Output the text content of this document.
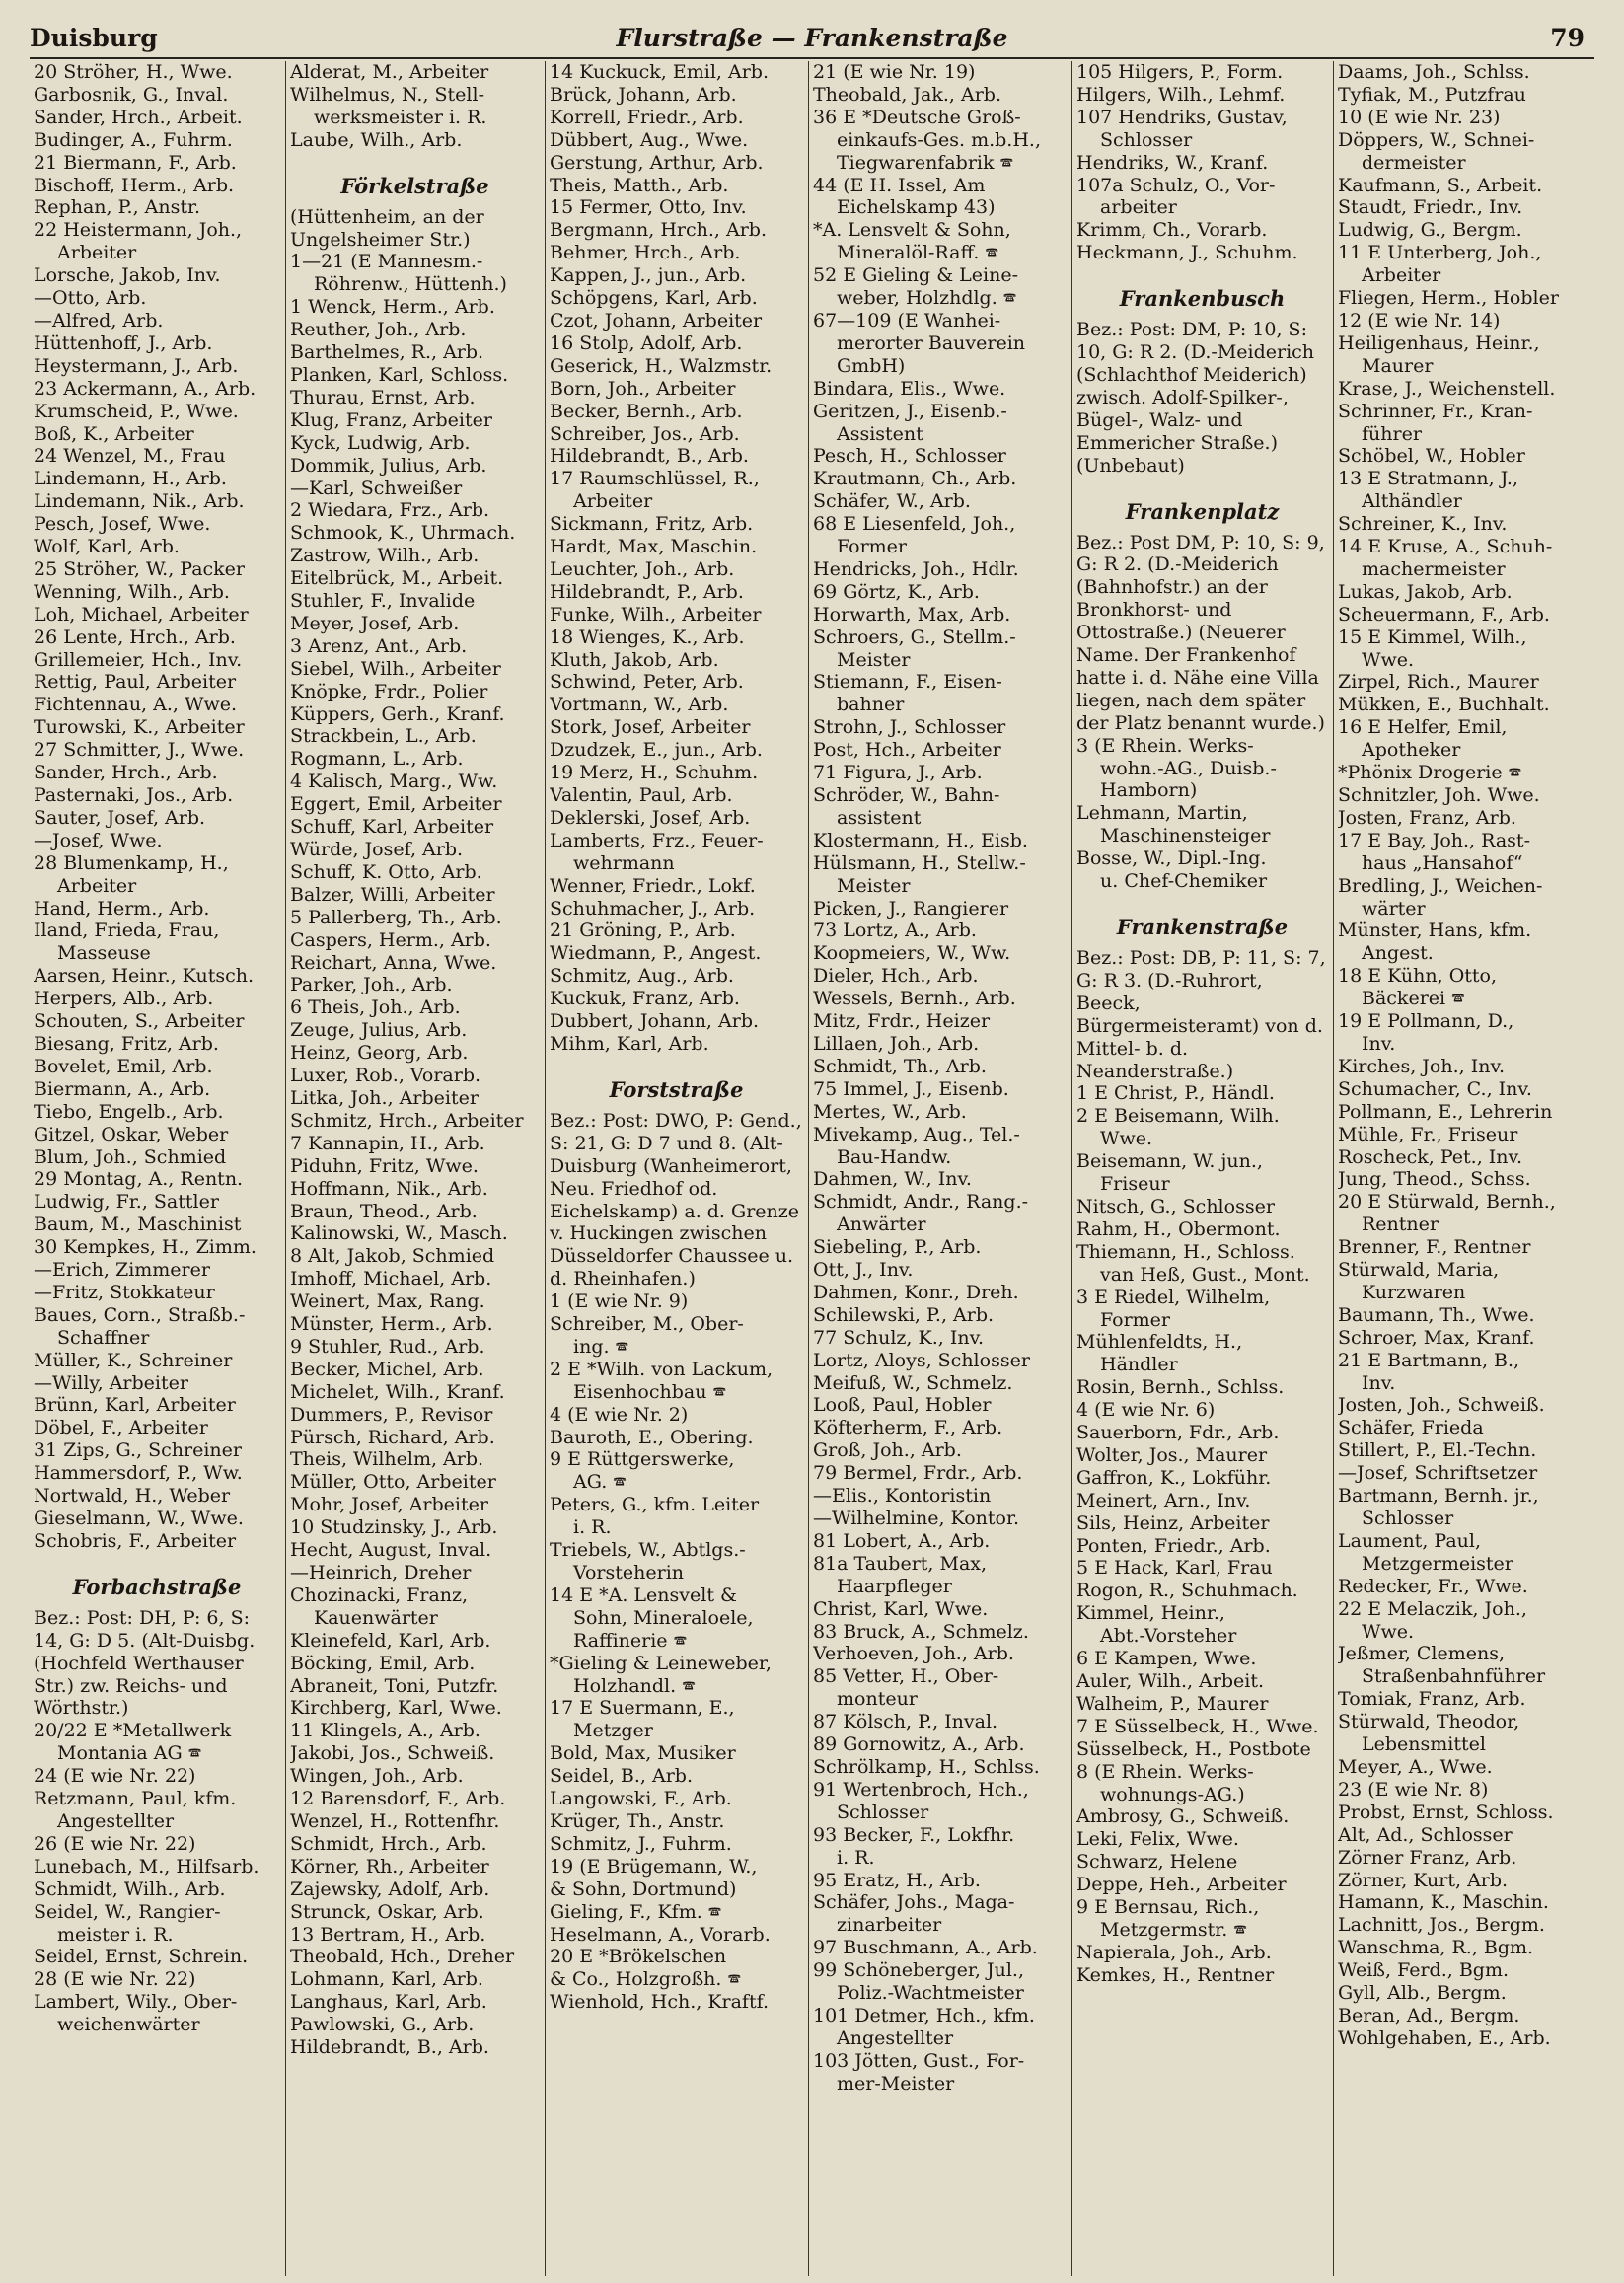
Duisburg	Flurstraße — Frankenstraße	79
20 Ströher, H., Wwe.
Garbosnik, G., Inval.
Sander, Hrch., Arbeit.
Budinger, A., Fuhrm.
21 Biermann, F., Arb.
Bischoff, Herm., Arb.
Rephan, P., Anstr.
22 Heistermann, Joh.,
Arbeiter
Lorsche, Jakob, Inv.
—Otto, Arb.
—Alfred, Arb.
Hüttenhoff, J., Arb.
Heystermann, J., Arb.
23 Ackermann, A., Arb.
Krumscheid, P., Wwe.
Boß, K., Arbeiter
24 Wenzel, M., Frau
Lindemann, H., Arb.
Lindemann, Nik., Arb.
Pesch, Josef, Wwe.
Wolf, Karl, Arb.
25 Ströher, W., Packer
Wenning, Wilh., Arb.
Loh, Michael, Arbeiter
26 Lente, Hrch., Arb.
Grillemeier, Hch., Inv.
Rettig, Paul, Arbeiter
Fichtennau, A., Wwe.
Turowski, K., Arbeiter
27 Schmitter, J., Wwe.
Sander, Hrch., Arb.
Pasternaki, Jos., Arb.
Sauter, Josef, Arb.
—Josef, Wwe.
28 Blumenkamp, H.,
Arbeiter
Hand, Herm., Arb.
Iland, Frieda, Frau,
Masseuse
Aarsen, Heinr., Kutsch.
Herpers, Alb., Arb.
Schouten, S., Arbeiter
Biesang, Fritz, Arb.
Bovelet, Emil, Arb.
Biermann, A., Arb.
Tiebo, Engelb., Arb.
Gitzel, Oskar, Weber
Blum, Joh., Schmied
29 Montag, A., Rentn.
Ludwig, Fr., Sattler
Baum, M., Maschinist
30 Kempkes, H., Zimm.
—Erich, Zimmerer
—Fritz, Stokkateur
Baues, Corn., Straßb.-
Schaffner
Müller, K., Schreiner
—Willy, Arbeiter
Brünn, Karl, Arbeiter
Döbel, F., Arbeiter
31 Zips, G., Schreiner
Hammersdorf, P., Ww.
Nortwald, H., Weber
Gieselmann, W., Wwe.
Schobris, F., Arbeiter
Forbachstraße
Bez.: Post: DH, P: 6, S: 14, G: D 5. (Alt-Duisbg. (Hochfeld Werthauser Str.) zw. Reichs- und Wörthstr.)
20/22 E *Metallwerk
Montania AG 🕿
24 (E wie Nr. 22)
Retzmann, Paul, kfm.
Angestellter
26 (E wie Nr. 22)
Lunebach, M., Hilfsarb.
Schmidt, Wilh., Arb.
Seidel, W., Rangier-
meister i. R.
Seidel, Ernst, Schrein.
28 (E wie Nr. 22)
Lambert, Wily., Ober-
weichenwärter
Alderat, M., Arbeiter
Wilhelmus, N., Stell-
werksmeister i. R.
Laube, Wilh., Arb.
Förkelstraße
(Hüttenheim, an der Ungelsheimer Str.)
1—21 (E Mannesm.-
Röhrenw., Hüttenh.)
1 Wenck, Herm., Arb.
Reuther, Joh., Arb.
Barthelmes, R., Arb.
Planken, Karl, Schloss.
Thurau, Ernst, Arb.
Klug, Franz, Arbeiter
Kyck, Ludwig, Arb.
Dommik, Julius, Arb.
—Karl, Schweißer
2 Wiedara, Frz., Arb.
Schmook, K., Uhrmach.
Zastrow, Wilh., Arb.
Eitelbrück, M., Arbeit.
Stuhler, F., Invalide
Meyer, Josef, Arb.
3 Arenz, Ant., Arb.
Siebel, Wilh., Arbeiter
Knöpke, Frdr., Polier
Küppers, Gerh., Kranf.
Strackbein, L., Arb.
Rogmann, L., Arb.
4 Kalisch, Marg., Ww.
Eggert, Emil, Arbeiter
Schuff, Karl, Arbeiter
Würde, Josef, Arb.
Schuff, K. Otto, Arb.
Balzer, Willi, Arbeiter
5 Pallerberg, Th., Arb.
Caspers, Herm., Arb.
Reichart, Anna, Wwe.
Parker, Joh., Arb.
6 Theis, Joh., Arb.
Zeuge, Julius, Arb.
Heinz, Georg, Arb.
Luxer, Rob., Vorarb.
Litka, Joh., Arbeiter
Schmitz, Hrch., Arbeiter
7 Kannapin, H., Arb.
Piduhn, Fritz, Wwe.
Hoffmann, Nik., Arb.
Braun, Theod., Arb.
Kalinowski, W., Masch.
8 Alt, Jakob, Schmied
Imhoff, Michael, Arb.
Weinert, Max, Rang.
Münster, Herm., Arb.
9 Stuhler, Rud., Arb.
Becker, Michel, Arb.
Michelet, Wilh., Kranf.
Dummers, P., Revisor
Pürsch, Richard, Arb.
Theis, Wilhelm, Arb.
Müller, Otto, Arbeiter
Mohr, Josef, Arbeiter
10 Studzinsky, J., Arb.
Hecht, August, Inval.
—Heinrich, Dreher
Chozinacki, Franz,
Kauenwärter
Kleinefeld, Karl, Arb.
Böcking, Emil, Arb.
Abraneit, Toni, Putzfr.
Kirchberg, Karl, Wwe.
11 Klingels, A., Arb.
Jakobi, Jos., Schweiß.
Wingen, Joh., Arb.
12 Barensdorf, F., Arb.
Wenzel, H., Rottenfhr.
Schmidt, Hrch., Arb.
Körner, Rh., Arbeiter
Zajewsky, Adolf, Arb.
Strunck, Oskar, Arb.
13 Bertram, H., Arb.
Theobald, Hch., Dreher
Lohmann, Karl, Arb.
Langhaus, Karl, Arb.
Pawlowski, G., Arb.
Hildebrandt, B., Arb.
14 Kuckuck, Emil, Arb.
Brück, Johann, Arb.
Korrell, Friedr., Arb.
Dübbert, Aug., Wwe.
Gerstung, Arthur, Arb.
Theis, Matth., Arb.
15 Fermer, Otto, Inv.
Bergmann, Hrch., Arb.
Behmer, Hrch., Arb.
Kappen, J., jun., Arb.
Schöpgens, Karl, Arb.
Czot, Johann, Arbeiter
16 Stolp, Adolf, Arb.
Geserick, H., Walzmstr.
Born, Joh., Arbeiter
Becker, Bernh., Arb.
Schreiber, Jos., Arb.
Hildebrandt, B., Arb.
17 Raumschlüssel, R.,
Arbeiter
Sickmann, Fritz, Arb.
Hardt, Max, Maschin.
Leuchter, Joh., Arb.
Hildebrandt, P., Arb.
Funke, Wilh., Arbeiter
18 Wienges, K., Arb.
Kluth, Jakob, Arb.
Schwind, Peter, Arb.
Vortmann, W., Arb.
Stork, Josef, Arbeiter
Dzudzek, E., jun., Arb.
19 Merz, H., Schuhm.
Valentin, Paul, Arb.
Deklerski, Josef, Arb.
Lamberts, Frz., Feuer-
wehrmann
Wenner, Friedr., Lokf.
Schuhmacher, J., Arb.
21 Gröning, P., Arb.
Wiedmann, P., Angest.
Schmitz, Aug., Arb.
Kuckuk, Franz, Arb.
Dubbert, Johann, Arb.
Mihm, Karl, Arb.
Forststraße
Bez.: Post: DWO, P: Gend., S: 21, G: D 7 und 8. (Alt-Duisburg (Wanheimerort, Neu. Friedhof od. Eichelskamp) a. d. Grenze v. Huckingen zwischen Düsseldorfer Chaussee u. d. Rheinhafen.)
1 (E wie Nr. 9)
Schreiber, M., Ober-
ing. 🕿
2 E *Wilh. von Lackum,
Eisenhochbau 🕿
4 (E wie Nr. 2)
Bauroth, E., Obering.
9 E Rüttgerswerke,
AG. 🕿
Peters, G., kfm. Leiter
i. R.
Triebels, W., Abtlgs.-
Vorsteherin
14 E *A. Lensvelt &
Sohn, Mineraloele,
Raffinerie 🕿
*Gieling & Leineweber,
Holzhandl. 🕿
17 E Suermann, E.,
Metzger
Bold, Max, Musiker
Seidel, B., Arb.
Langowski, F., Arb.
Krüger, Th., Anstr.
Schmitz, J., Fuhrm.
19 (E Brügemann, W.,
& Sohn, Dortmund)
Gieling, F., Kfm. 🕿
Heselmann, A., Vorarb.
20 E *Brökelschen
& Co., Holzgroßh. 🕿
Wienhold, Hch., Kraftf.
21 (E wie Nr. 19)
Theobald, Jak., Arb.
36 E *Deutsche Groß-
einkaufs-Ges. m.b.H.,
Tiegwarenfabrik 🕿
44 (E H. Issel, Am
Eichelskamp 43)
*A. Lensvelt & Sohn,
Mineralöl-Raff. 🕿
52 E Gieling & Leine-
weber, Holzhdlg. 🕿
67—109 (E Wanhei-
merorter Bauverein
GmbH)
Bindara, Elis., Wwe.
Geritzen, J., Eisenb.-
Assistent
Pesch, H., Schlosser
Krautmann, Ch., Arb.
Schäfer, W., Arb.
68 E Liesenfeld, Joh.,
Former
Hendricks, Joh., Hdlr.
69 Görtz, K., Arb.
Horwarth, Max, Arb.
Schroers, G., Stellm.-
Meister
Stiemann, F., Eisen-
bahner
Strohn, J., Schlosser
Post, Hch., Arbeiter
71 Figura, J., Arb.
Schröder, W., Bahn-
assistent
Klostermann, H., Eisb.
Hülsmann, H., Stellw.-
Meister
Picken, J., Rangierer
73 Lortz, A., Arb.
Koopmeiers, W., Ww.
Dieler, Hch., Arb.
Wessels, Bernh., Arb.
Mitz, Frdr., Heizer
Lillaen, Joh., Arb.
Schmidt, Th., Arb.
75 Immel, J., Eisenb.
Mertes, W., Arb.
Mivekamp, Aug., Tel.-
Bau-Handw.
Dahmen, W., Inv.
Schmidt, Andr., Rang.-
Anwärter
Siebeling, P., Arb.
Ott, J., Inv.
Dahmen, Konr., Dreh.
Schilewski, P., Arb.
77 Schulz, K., Inv.
Lortz, Aloys, Schlosser
Meifuß, W., Schmelz.
Looß, Paul, Hobler
Köfterherm, F., Arb.
Groß, Joh., Arb.
79 Bermel, Frdr., Arb.
—Elis., Kontoristin
—Wilhelmine, Kontor.
81 Lobert, A., Arb.
81a Taubert, Max,
Haarpfleger
Christ, Karl, Wwe.
83 Bruck, A., Schmelz.
Verhoeven, Joh., Arb.
85 Vetter, H., Ober-
monteur
87 Kölsch, P., Inval.
89 Gornowitz, A., Arb.
Schrölkamp, H., Schlss.
91 Wertenbroch, Hch.,
Schlosser
93 Becker, F., Lokfhr.
i. R.
95 Eratz, H., Arb.
Schäfer, Johs., Maga-
zinarbeiter
97 Buschmann, A., Arb.
99 Schöneberger, Jul.,
Poliz.-Wachtmeister
101 Detmer, Hch., kfm.
Angestellter
103 Jötten, Gust., For-
mer-Meister
105 Hilgers, P., Form.
Hilgers, Wilh., Lehmf.
107 Hendriks, Gustav,
Schlosser
Hendriks, W., Kranf.
107a Schulz, O., Vor-
arbeiter
Krimm, Ch., Vorarb.
Heckmann, J., Schuhm.
Frankenbusch
Bez.: Post: DM, P: 10, S: 10, G: R 2. (D.-Meiderich (Schlachthof Meiderich) zwisch. Adolf-Spilker-, Bügel-, Walz- und Emmericher Straße.) (Unbebaut)
Frankenplatz
Bez.: Post DM, P: 10, S: 9, G: R 2. (D.-Meiderich (Bahnhofstr.) an der Bronkhorst- und Ottostraße.) (Neuerer Name. Der Frankenhof hatte i. d. Nähe eine Villa liegen, nach dem später der Platz benannt wurde.)
3 (E Rhein. Werks-
wohn.-AG., Duisb.-
Hamborn)
Lehmann, Martin,
Maschinensteiger
Bosse, W., Dipl.-Ing.
u. Chef-Chemiker
Frankenstraße
Bez.: Post: DB, P: 11, S: 7, G: R 3. (D.-Ruhrort, Beeck, Bürgermeisteramt) von d. Mittel- b. d. Neanderstraße.)
1 E Christ, P., Händl.
2 E Beisemann, Wilh.
Wwe.
Beisemann, W. jun.,
Friseur
Nitsch, G., Schlosser
Rahm, H., Obermont.
Thiemann, H., Schloss.
van Heß, Gust., Mont.
3 E Riedel, Wilhelm,
Former
Mühlenfeldts, H.,
Händler
Rosin, Bernh., Schlss.
4 (E wie Nr. 6)
Sauerborn, Fdr., Arb.
Wolter, Jos., Maurer
Gaffron, K., Lokführ.
Meinert, Arn., Inv.
Sils, Heinz, Arbeiter
Ponten, Friedr., Arb.
5 E Hack, Karl, Frau
Rogon, R., Schuhmach.
Kimmel, Heinr.,
Abt.-Vorsteher
6 E Kampen, Wwe.
Auler, Wilh., Arbeit.
Walheim, P., Maurer
7 E Süsselbeck, H., Wwe.
Süsselbeck, H., Postbote
8 (E Rhein. Werks-
wohnungs-AG.)
Ambrosy, G., Schweiß.
Leki, Felix, Wwe.
Schwarz, Helene
Deppe, Heh., Arbeiter
9 E Bernsau, Rich.,
Metzgermstr. 🕿
Napierala, Joh., Arb.
Kemkes, H., Rentner
Daams, Joh., Schlss.
Tyfiak, M., Putzfrau
10 (E wie Nr. 23)
Döppers, W., Schnei-
dermeister
Kaufmann, S., Arbeit.
Staudt, Friedr., Inv.
Ludwig, G., Bergm.
11 E Unterberg, Joh.,
Arbeiter
Fliegen, Herm., Hobler
12 (E wie Nr. 14)
Heiligenhaus, Heinr.,
Maurer
Krase, J., Weichenstell.
Schrinner, Fr., Kran-
führer
Schöbel, W., Hobler
13 E Stratmann, J.,
Althändler
Schreiner, K., Inv.
14 E Kruse, A., Schuh-
machermeister
Lukas, Jakob, Arb.
Scheuermann, F., Arb.
15 E Kimmel, Wilh.,
Wwe.
Zirpel, Rich., Maurer
Mükken, E., Buchhalt.
16 E Helfer, Emil,
Apotheker
*Phönix Drogerie 🕿
Schnitzler, Joh. Wwe.
Josten, Franz, Arb.
17 E Bay, Joh., Rast-
haus „Hansahof“
Bredling, J., Weichen-
wärter
Münster, Hans, kfm.
Angest.
18 E Kühn, Otto,
Bäckerei 🕿
19 E Pollmann, D.,
Inv.
Kirches, Joh., Inv.
Schumacher, C., Inv.
Pollmann, E., Lehrerin
Mühle, Fr., Friseur
Roscheck, Pet., Inv.
Jung, Theod., Schss.
20 E Stürwald, Bernh.,
Rentner
Brenner, F., Rentner
Stürwald, Maria,
Kurzwaren
Baumann, Th., Wwe.
Schroer, Max, Kranf.
21 E Bartmann, B.,
Inv.
Josten, Joh., Schweiß.
Schäfer, Frieda
Stillert, P., El.-Techn.
—Josef, Schriftsetzer
Bartmann, Bernh. jr.,
Schlosser
Laument, Paul,
Metzgermeister
Redecker, Fr., Wwe.
22 E Melaczik, Joh.,
Wwe.
Jeßmer, Clemens,
Straßenbahnführer
Tomiak, Franz, Arb.
Stürwald, Theodor,
Lebensmittel
Meyer, A., Wwe.
23 (E wie Nr. 8)
Probst, Ernst, Schloss.
Alt, Ad., Schlosser
Zörner Franz, Arb.
Zörner, Kurt, Arb.
Hamann, K., Maschin.
Lachnitt, Jos., Bergm.
Wanschma, R., Bgm.
Weiß, Ferd., Bgm.
Gyll, Alb., Bergm.
Beran, Ad., Bergm.
Wohlgehaben, E., Arb.
